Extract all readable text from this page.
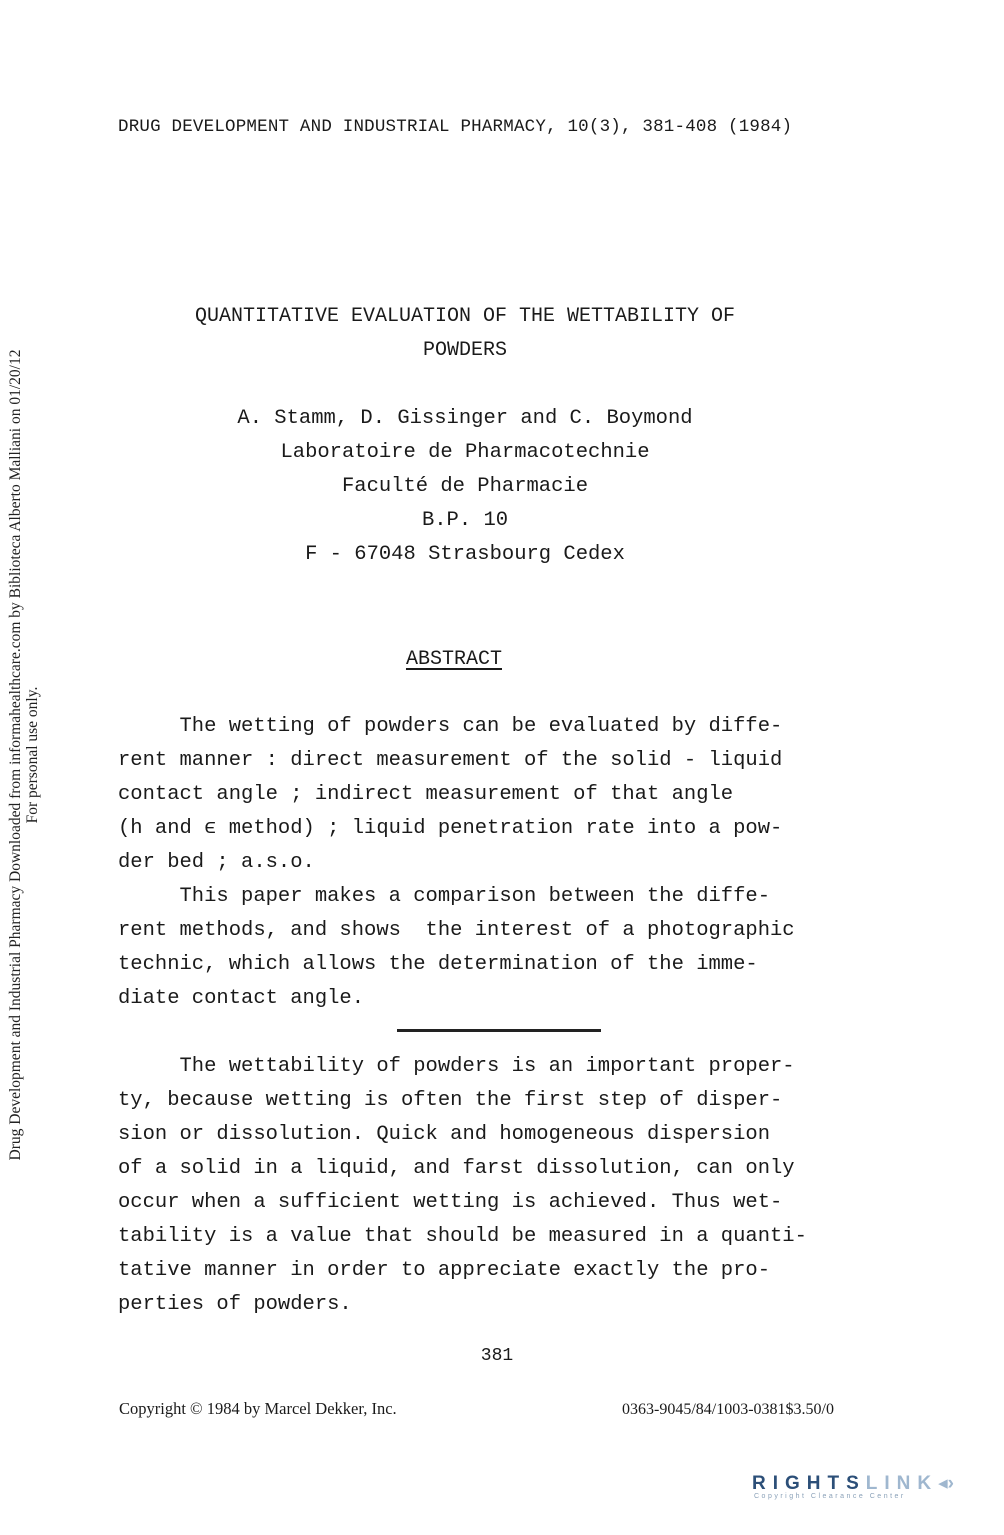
Drug Development and Industrial Pharmacy Downloaded from informahealthcare.com by Biblioteca Alberto Malliani on 01/20/12 For personal use only.
DRUG DEVELOPMENT AND INDUSTRIAL PHARMACY, 10(3), 381-408 (1984)
QUANTITATIVE EVALUATION OF THE WETTABILITY OF
POWDERS
A. Stamm, D. Gissinger and C. Boymond
Laboratoire de Pharmacotechnie
Faculté de Pharmacie
B.P. 10
F - 67048 Strasbourg Cedex
ABSTRACT
The wetting of powders can be evaluated by diffe-
rent manner : direct measurement of the solid - liquid
contact angle ; indirect measurement of that angle
(h and ϵ method) ; liquid penetration rate into a pow-
der bed ; a.s.o.
This paper makes a comparison between the diffe-
rent methods, and shows  the interest of a photographic
technic, which allows the determination of the imme-
diate contact angle.
The wettability of powders is an important proper-
ty, because wetting is often the first step of disper-
sion or dissolution. Quick and homogeneous dispersion
of a solid in a liquid, and farst dissolution, can only
occur when a sufficient wetting is achieved. Thus wet-
tability is a value that should be measured in a quanti-
tative manner in order to appreciate exactly the pro-
perties of powders.
381
Copyright © 1984 by Marcel Dekker, Inc.	0363-9045/84/1003-0381$3.50/0
RIGHTSLINK◂›
Copyright Clearance Center
